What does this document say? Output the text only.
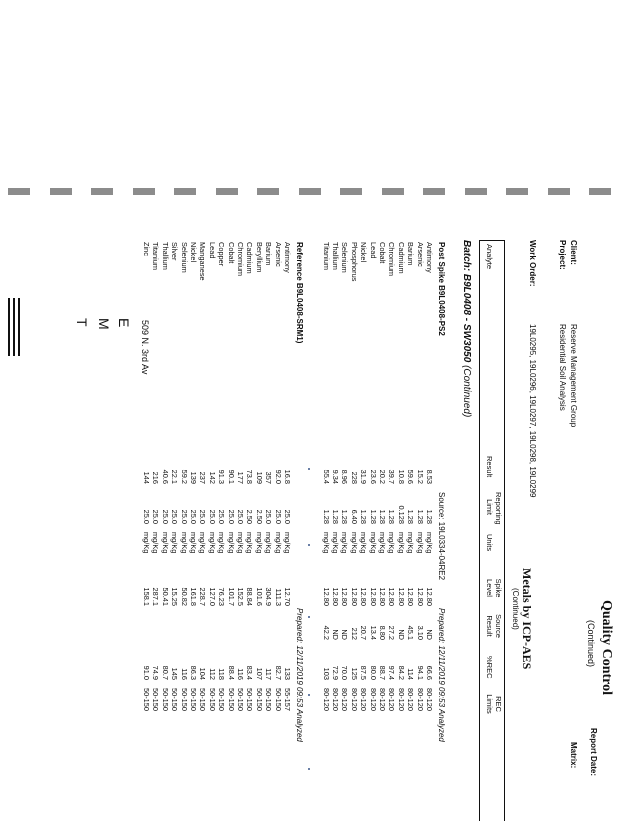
Quality Control
(Continued)
Report Date:
Matrix:
Metals by ICP-AES
(Continued)
Client:
Reserve Management Group
Project:
Residential Soil Analysis
Work Order:
19L0295, 19L0296, 19L0297, 19L0298, 19L0299
Analyte
Result
Reporting Limit
Units
Spike Level
Source Result
%REC
REC Limits
Batch: B9L0408 - SW3050 (Continued)
Post Spike B9L0408-PS2
Source: 19L0334-04RE2
Prepared: 12/11/2019 09:53 Analyzed
Antimony
8.53
1.28
mg/Kg
12.80
ND
66.6
80-120
Arsenic
15.2
1.28
mg/Kg
12.80
3.10
94.1
80-120
Barium
59.6
1.28
mg/Kg
12.80
45.1
114
80-120
Cadmium
10.8
0.128
mg/Kg
12.80
ND
84.2
80-120
Chromium
39.7
1.28
mg/Kg
12.80
27.2
97.4
80-120
Cobalt
20.2
1.28
mg/Kg
12.80
8.80
88.7
80-120
Lead
23.6
1.28
mg/Kg
12.80
13.4
80.0
80-120
Nickel
31.9
1.28
mg/Kg
12.80
20.7
87.5
80-120
Phosphorus
228
6.40
mg/Kg
12.80
212
125
80-120
Selenium
8.96
1.28
mg/Kg
12.80
ND
70.0
80-120
Thallium
9.34
1.28
mg/Kg
12.80
ND
72.9
80-120
Titanium
55.4
1.28
mg/Kg
12.80
42.2
103
80-120
Reference B9L0408-SRM1)
Prepared: 12/11/2019 09:53 Analyzed
Antimony
16.8
25.0
mg/Kg
12.70
133
55-157
Arsenic
92.0
25.0
mg/Kg
111.3
82.7
50-150
Barium
357
25.0
mg/Kg
304.9
117
50-150
Beryllium
109
2.50
mg/Kg
101.6
107
50-150
Cadmium
73.8
2.50
mg/Kg
88.84
83.4
50-150
Chromium
177
25.0
mg/Kg
152.5
116
50-150
Cobalt
90.1
25.0
mg/Kg
101.7
88.4
50-150
Copper
91.3
25.0
mg/Kg
76.23
118
50-150
Lead
142
25.0
mg/Kg
127.0
112
50-150
Manganese
237
25.0
mg/Kg
228.7
104
50-150
Nickel
139
25.0
mg/Kg
161.8
86.3
50-150
Selenium
59.2
25.0
mg/Kg
50.82
116
50-150
Silver
22.1
25.0
mg/Kg
15.25
145
50-150
Thallium
40.6
25.0
mg/Kg
50.41
80.7
50-150
Titanium
216
25.0
mg/Kg
287.1
74.9
50-150
Zinc
144
25.0
mg/Kg
158.1
91.0
50-150
509 N. 3rd Av
E
M
T
